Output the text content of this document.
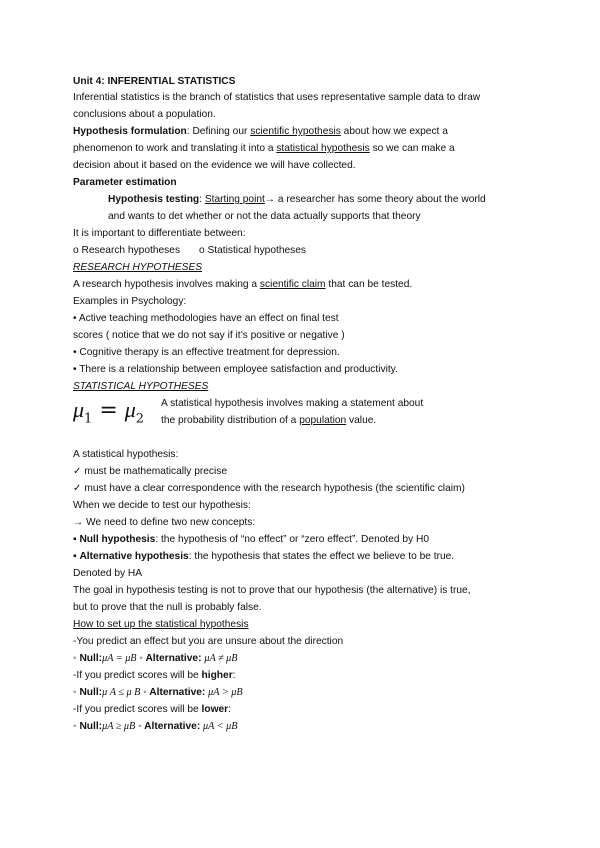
Unit 4: INFERENTIAL STATISTICS
Inferential statistics is the branch of statistics that uses representative sample data to draw
conclusions about a population.
Hypothesis formulation: Defining our scientific hypothesis about how we expect a
phenomenon to work and translating it into a statistical hypothesis so we can make a
decision about it based on the evidence we will have collected.
Parameter estimation
Hypothesis testing: Starting point→ a researcher has some theory about the world
and wants to det whether or not the data actually supports that theory
It is important to differentiate between:
o Research hypotheses o Statistical hypotheses
RESEARCH HYPOTHESES
A research hypothesis involves making a scientific claim that can be tested.
Examples in Psychology:
• Active teaching methodologies have an effect on final test
scores ( notice that we do not say if it’s positive or negative )
• Cognitive therapy is an effective treatment for depression.
• There is a relationship between employee satisfaction and productivity.
STATISTICAL HYPOTHESES
$\mu_1 = \mu_2$
A statistical hypothesis involves making a statement about
the probability distribution of a population value.
A statistical hypothesis:
✓ must be mathematically precise
✓ must have a clear correspondence with the research hypothesis (the scientific claim)
When we decide to test our hypothesis:
→ We need to define two new concepts:
▪ Null hypothesis: the hypothesis of “no effect” or “zero effect”. Denoted by H0
▪ Alternative hypothesis: the hypothesis that states the effect we believe to be true.
Denoted by HA
The goal in hypothesis testing is not to prove that our hypothesis (the alternative) is true,
but to prove that the null is probably false.
How to set up the statistical hypothesis
-You predict an effect but you are unsure about the direction
◦ Null:μA = μB ◦ Alternative: μA ≠ μB
-If you predict scores will be higher:
◦ Null:μ A ≤ μ B ◦ Alternative: μA > μB
-If you predict scores will be lower:
◦ Null:μA ≥ μB ◦ Alternative: μA < μB
